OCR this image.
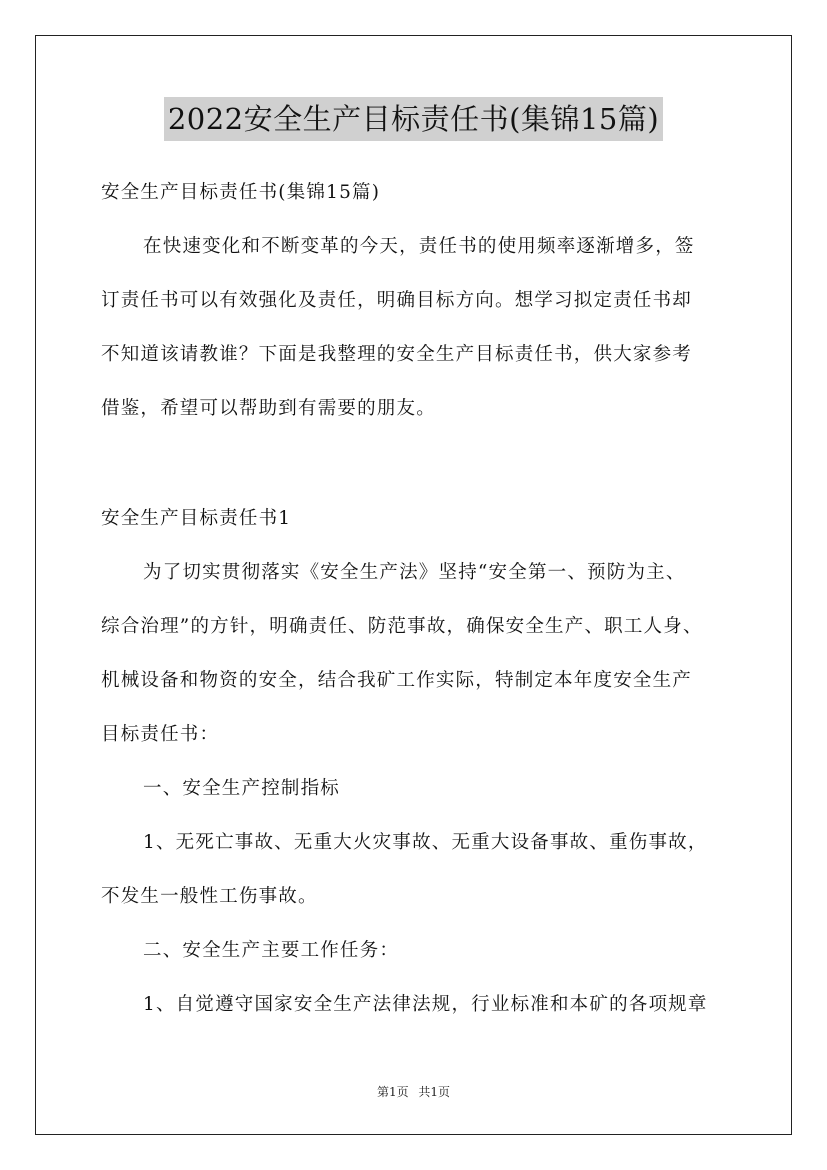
2022安全生产目标责任书(集锦15篇)

安全生产目标责任书(集锦15篇)

在快速变化和不断变革的今天，责任书的使用频率逐渐增多，签

订责任书可以有效强化及责任，明确目标方向。想学习拟定责任书却

不知道该请教谁？下面是我整理的安全生产目标责任书，供大家参考

借鉴，希望可以帮助到有需要的朋友。

安全生产目标责任书1

为了切实贯彻落实《安全生产法》坚持“安全第一、预防为主、

综合治理”的方针，明确责任、防范事故，确保安全生产、职工人身、

机械设备和物资的安全，结合我矿工作实际，特制定本年度安全生产

目标责任书：

一、安全生产控制指标

1、无死亡事故、无重大火灾事故、无重大设备事故、重伤事故，

不发生一般性工伤事故。

二、安全生产主要工作任务：

1、自觉遵守国家安全生产法律法规，行业标准和本矿的各项规章

第1页 共1页
